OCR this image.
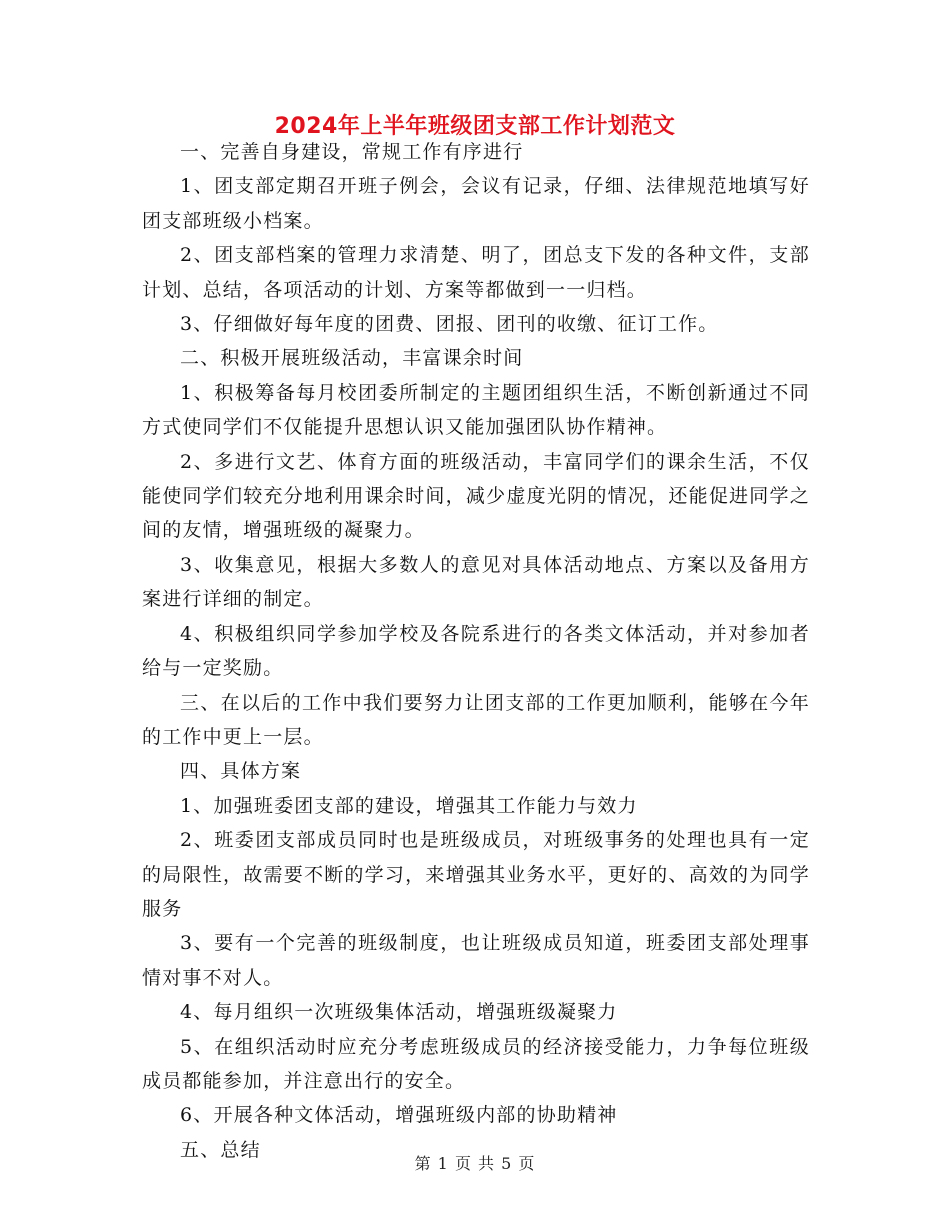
2024年上半年班级团支部工作计划范文

一、完善自身建设，常规工作有序进行

1、团支部定期召开班子例会，会议有记录，仔细、法律规范地填写好团支部班级小档案。

2、团支部档案的管理力求清楚、明了，团总支下发的各种文件，支部计划、总结，各项活动的计划、方案等都做到一一归档。

3、仔细做好每年度的团费、团报、团刊的收缴、征订工作。

二、积极开展班级活动，丰富课余时间

1、积极筹备每月校团委所制定的主题团组织生活，不断创新通过不同方式使同学们不仅能提升思想认识又能加强团队协作精神。

2、多进行文艺、体育方面的班级活动，丰富同学们的课余生活，不仅能使同学们较充分地利用课余时间，减少虚度光阴的情况，还能促进同学之间的友情，增强班级的凝聚力。

3、收集意见，根据大多数人的意见对具体活动地点、方案以及备用方案进行详细的制定。

4、积极组织同学参加学校及各院系进行的各类文体活动，并对参加者给与一定奖励。

三、在以后的工作中我们要努力让团支部的工作更加顺利，能够在今年的工作中更上一层。

四、具体方案

1、加强班委团支部的建设，增强其工作能力与效力

2、班委团支部成员同时也是班级成员，对班级事务的处理也具有一定的局限性，故需要不断的学习，来增强其业务水平，更好的、高效的为同学服务

3、要有一个完善的班级制度，也让班级成员知道，班委团支部处理事情对事不对人。

4、每月组织一次班级集体活动，增强班级凝聚力

5、在组织活动时应充分考虑班级成员的经济接受能力，力争每位班级成员都能参加，并注意出行的安全。

6、开展各种文体活动，增强班级内部的协助精神

五、总结

第 1 页 共 5 页
